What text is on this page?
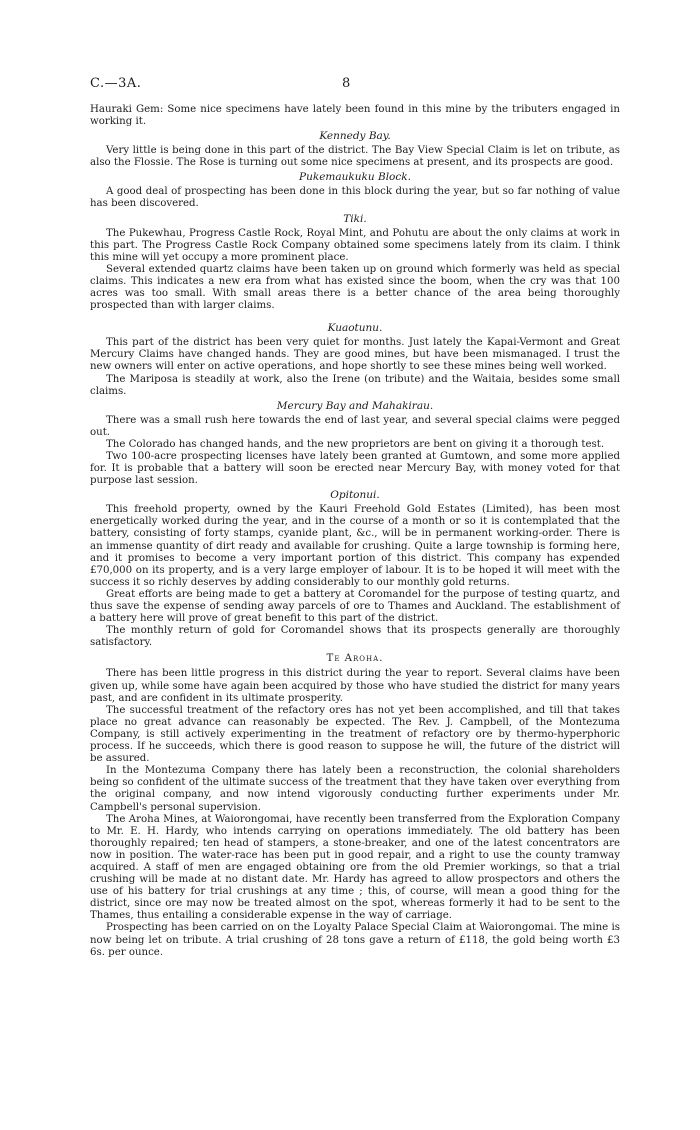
C.—3A.	8

Hauraki Gem: Some nice specimens have lately been found in this mine by the tributers engaged in working it.

Kennedy Bay.

Very little is being done in this part of the district. The Bay View Special Claim is let on tribute, as also the Flossie. The Rose is turning out some nice specimens at present, and its prospects are good.

Pukemaukuku Block.

A good deal of prospecting has been done in this block during the year, but so far nothing of value has been discovered.

Tiki.

The Pukewhau, Progress Castle Rock, Royal Mint, and Pohutu are about the only claims at work in this part. The Progress Castle Rock Company obtained some specimens lately from its claim. I think this mine will yet occupy a more prominent place.

Several extended quartz claims have been taken up on ground which formerly was held as special claims. This indicates a new era from what has existed since the boom, when the cry was that 100 acres was too small. With small areas there is a better chance of the area being thoroughly prospected than with larger claims.

Kuaotunu.

This part of the district has been very quiet for months. Just lately the Kapai-Vermont and Great Mercury Claims have changed hands. They are good mines, but have been mismanaged. I trust the new owners will enter on active operations, and hope shortly to see these mines being well worked.

The Mariposa is steadily at work, also the Irene (on tribute) and the Waitaia, besides some small claims.

Mercury Bay and Mahakirau.

There was a small rush here towards the end of last year, and several special claims were pegged out.

The Colorado has changed hands, and the new proprietors are bent on giving it a thorough test.

Two 100-acre prospecting licenses have lately been granted at Gumtown, and some more applied for. It is probable that a battery will soon be erected near Mercury Bay, with money voted for that purpose last session.

Opitonui.

This freehold property, owned by the Kauri Freehold Gold Estates (Limited), has been most energetically worked during the year, and in the course of a month or so it is contemplated that the battery, consisting of forty stamps, cyanide plant, &c., will be in permanent working-order. There is an immense quantity of dirt ready and available for crushing. Quite a large township is forming here, and it promises to become a very important portion of this district. This company has expended £70,000 on its property, and is a very large employer of labour. It is to be hoped it will meet with the success it so richly deserves by adding considerably to our monthly gold returns.

Great efforts are being made to get a battery at Coromandel for the purpose of testing quartz, and thus save the expense of sending away parcels of ore to Thames and Auckland. The establishment of a battery here will prove of great benefit to this part of the district.

The monthly return of gold for Coromandel shows that its prospects generally are thoroughly satisfactory.

Te Aroha.

There has been little progress in this district during the year to report. Several claims have been given up, while some have again been acquired by those who have studied the district for many years past, and are confident in its ultimate prosperity.

The successful treatment of the refactory ores has not yet been accomplished, and till that takes place no great advance can reasonably be expected. The Rev. J. Campbell, of the Montezuma Company, is still actively experimenting in the treatment of refactory ore by thermo-hyperphoric process. If he succeeds, which there is good reason to suppose he will, the future of the district will be assured.

In the Montezuma Company there has lately been a reconstruction, the colonial shareholders being so confident of the ultimate success of the treatment that they have taken over everything from the original company, and now intend vigorously conducting further experiments under Mr. Campbell's personal supervision.

The Aroha Mines, at Waiorongomai, have recently been transferred from the Exploration Company to Mr. E. H. Hardy, who intends carrying on operations immediately. The old battery has been thoroughly repaired; ten head of stampers, a stone-breaker, and one of the latest concentrators are now in position. The water-race has been put in good repair, and a right to use the county tramway acquired. A staff of men are engaged obtaining ore from the old Premier workings, so that a trial crushing will be made at no distant date. Mr. Hardy has agreed to allow prospectors and others the use of his battery for trial crushings at any time ; this, of course, will mean a good thing for the district, since ore may now be treated almost on the spot, whereas formerly it had to be sent to the Thames, thus entailing a considerable expense in the way of carriage.

Prospecting has been carried on on the Loyalty Palace Special Claim at Waiorongomai. The mine is now being let on tribute. A trial crushing of 28 tons gave a return of £118, the gold being worth £3 6s. per ounce.
